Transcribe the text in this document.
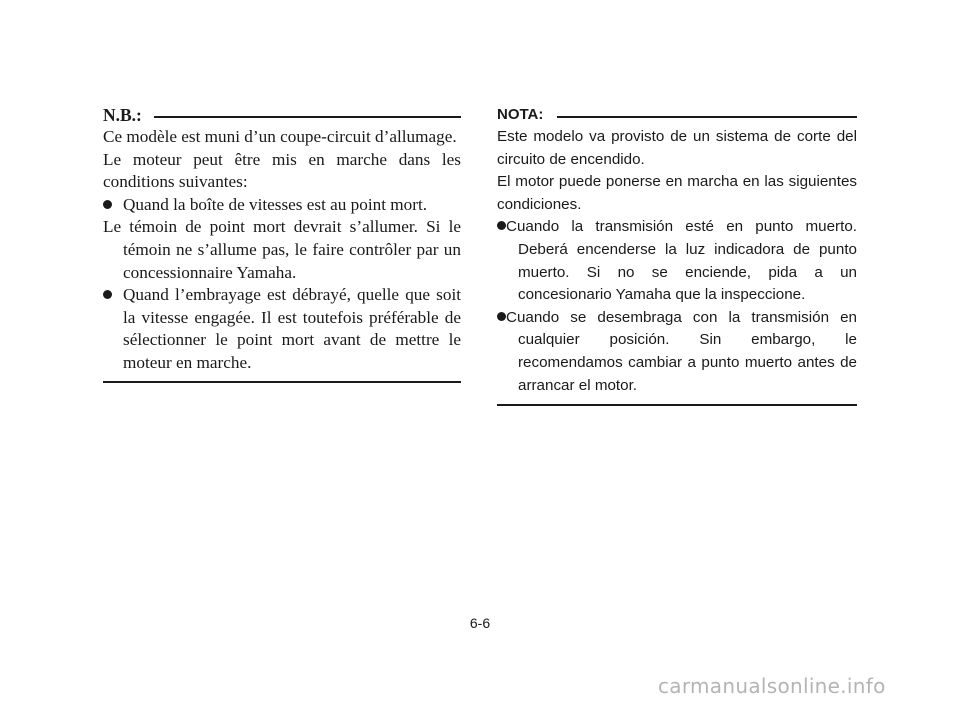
N.B.:

Ce modèle est muni d’un coupe-circuit d’allumage.

Le moteur peut être mis en marche dans les conditions suivantes:

Quand la boîte de vitesses est au point mort.

Le témoin de point mort devrait s’allumer. Si le témoin ne s’allume pas, le faire contrôler par un concessionnaire Yamaha.

Quand l’embrayage est débrayé, quelle que soit la vitesse engagée. Il est toutefois préférable de sélectionner le point mort avant de mettre le moteur en marche.

NOTA:

Este modelo va provisto de un sistema de corte del circuito de encendido.

El motor puede ponerse en marcha en las siguientes condiciones.

Cuando la transmisión esté en punto muerto. Deberá encenderse la luz indicadora de punto muerto. Si no se enciende, pida a un concesionario Yamaha que la inspeccione.

Cuando se desembraga con la transmisión en cualquier posición. Sin embargo, le recomendamos cambiar a punto muerto antes de arrancar el motor.

6-6
carmanualsonline.info
